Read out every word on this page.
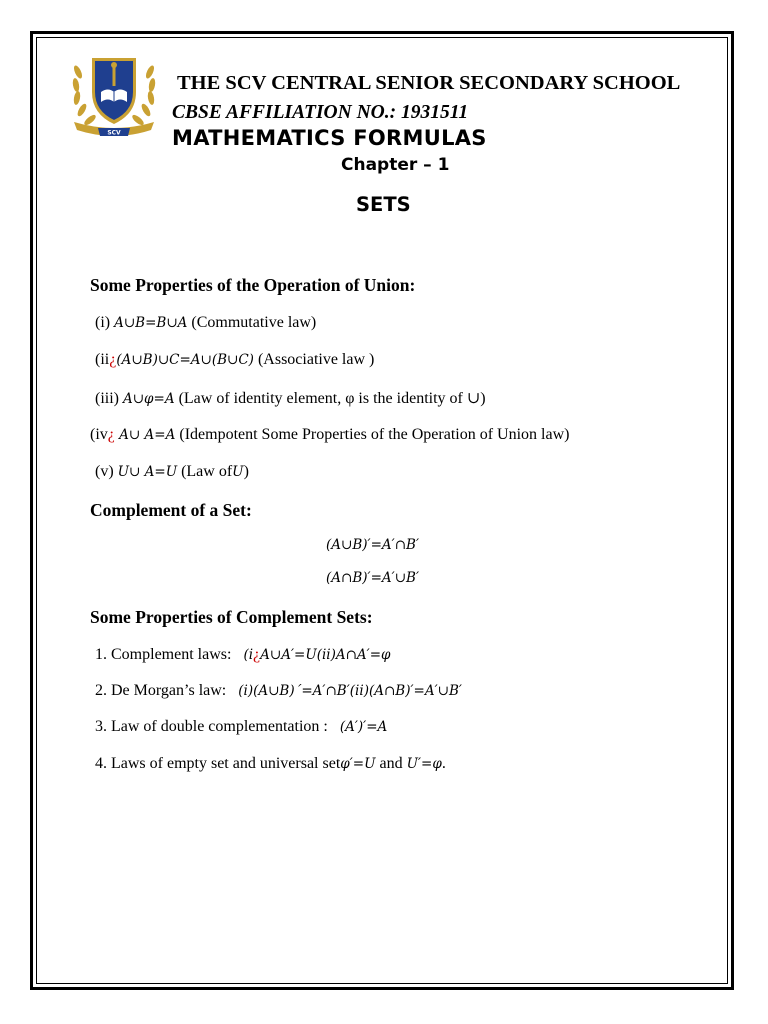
SCV
THE SCV CENTRAL SENIOR SECONDARY SCHOOL
CBSE AFFILIATION NO.: 1931511
MATHEMATICS FORMULAS
Chapter – 1
SETS
Some Properties of the Operation of Union:
(i) A∪B=B∪A (Commutative law)
(ii¿(A∪B)∪C=A∪(B∪C) (Associative law )
(iii) A∪φ=A (Law of identity element, φ is the identity of ∪)
(iv¿ A∪ A=A (Idempotent Some Properties of the Operation of Union law)
(v) U∪ A=U (Law ofU)
Complement of a Set:
(A∪B)′=A′∩B′
(A∩B)′=A′∪B′
Some Properties of Complement Sets:
1. Complement laws:   (i¿A∪A′=U(ii)A∩A′=φ
2. De Morgan’s law:   (i)(A∪B)´=A′∩B′(ii)(A∩B)′=A′∪B′
3. Law of double complementation :   (A′)′=A
4. Laws of empty set and universal setφ′=U and U′=φ.
